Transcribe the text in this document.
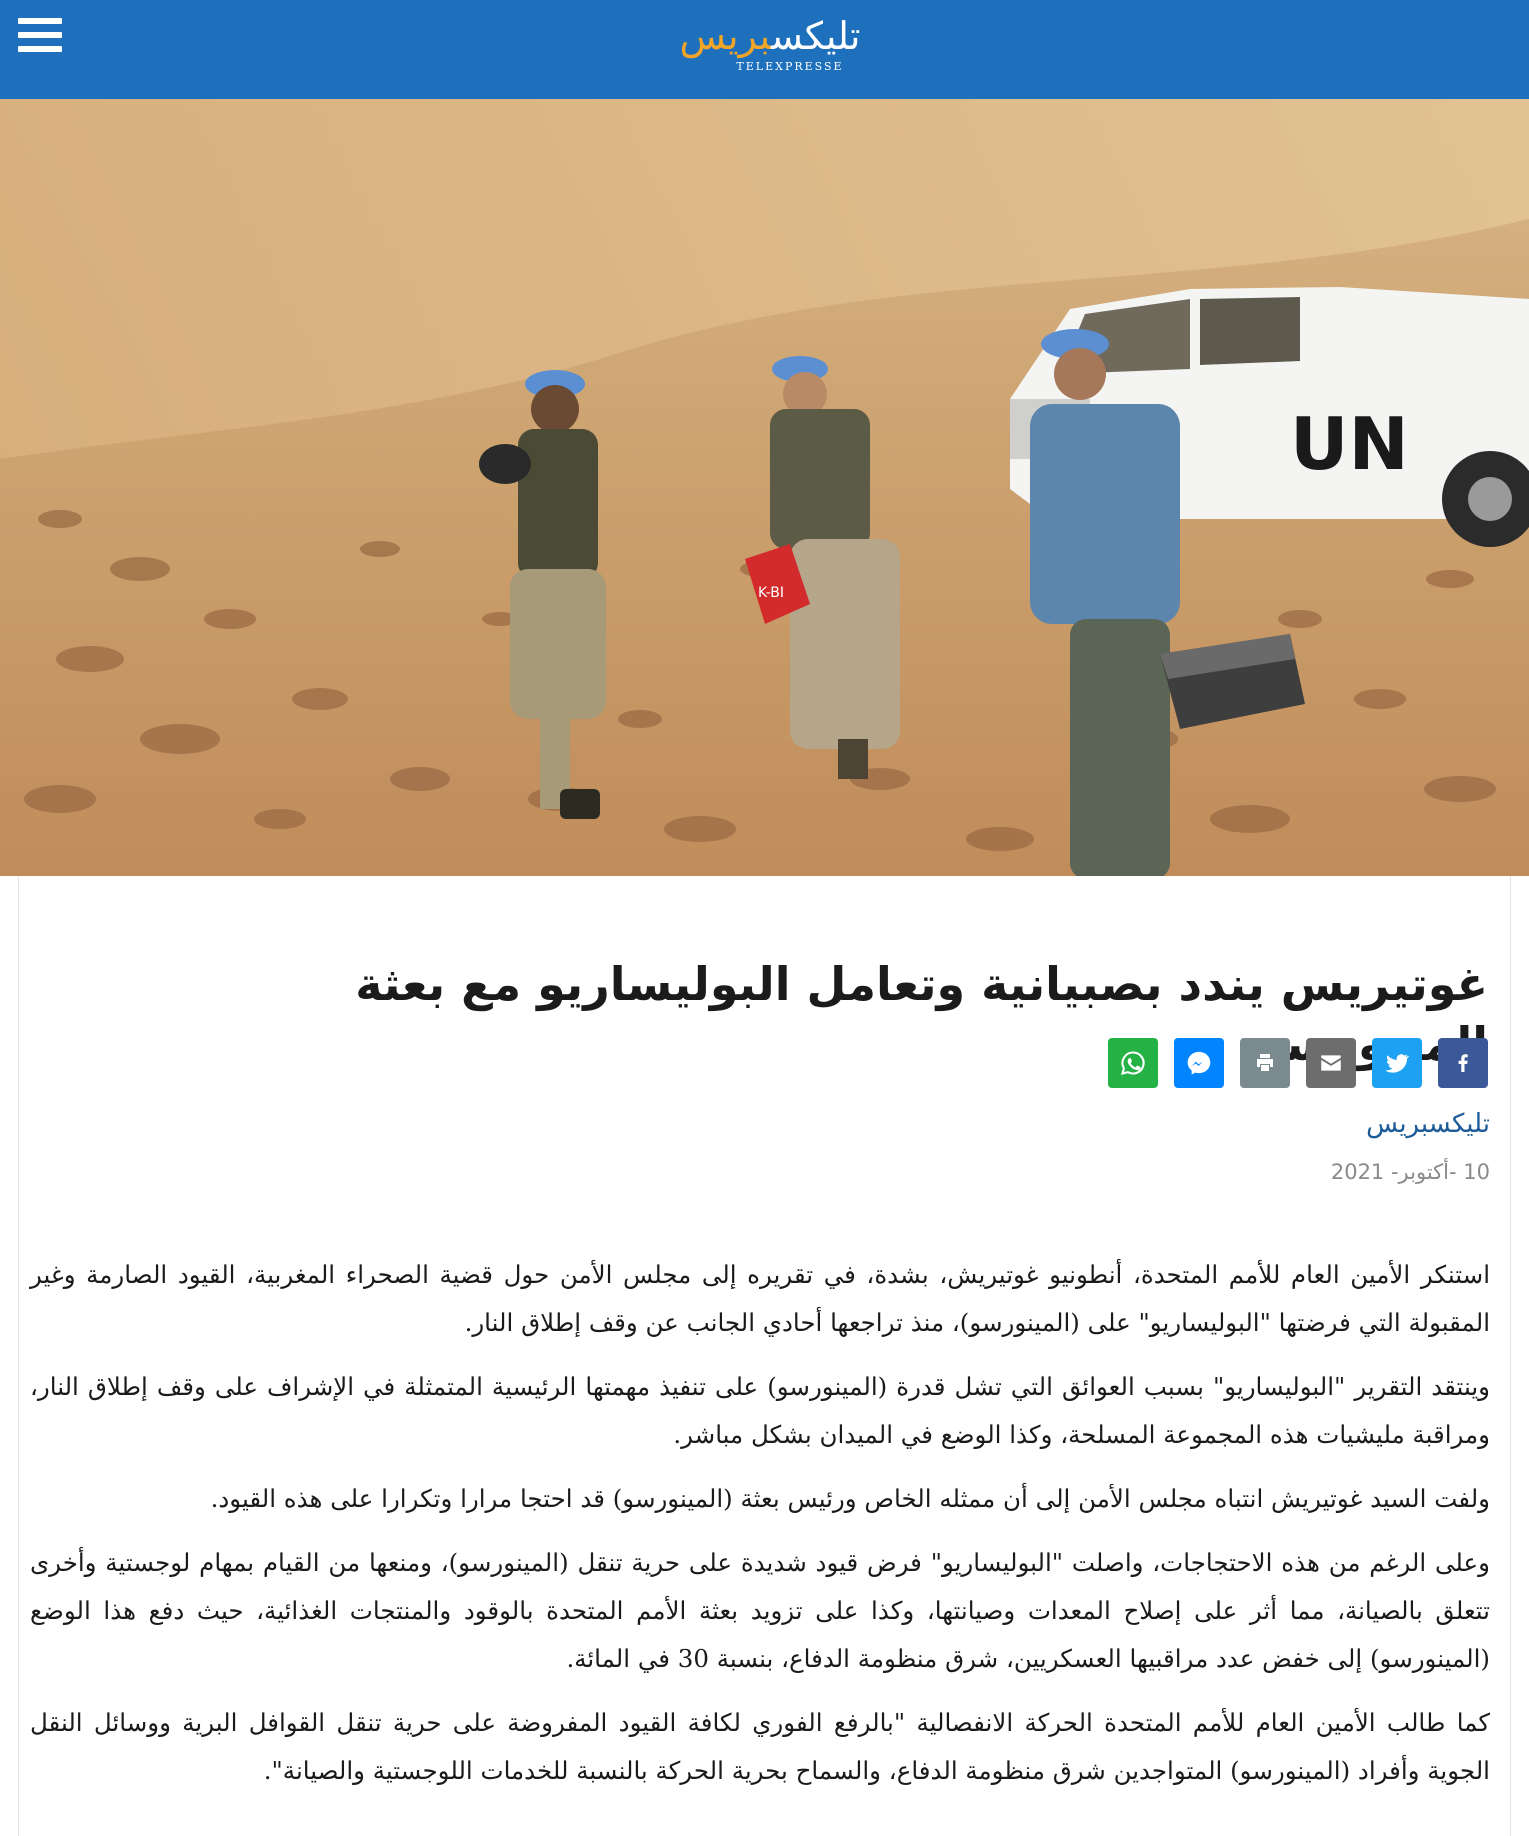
تليكسبريس
TELEXPRESSE
UN
K-BI
غوتيريس يندد بصبيانية وتعامل البوليساريو مع بعثة
تليكسبريس
10 -أكتوبر- 2021

استنكر الأمين العام للأمم المتحدة، أنطونيو غوتيريش، بشدة، في تقريره إلى مجلس الأمن حول قضية الصحراء المغربية، القيود الصارمة وغير المقبولة التي فرضتها "البوليساريو" على (المينورسو)، منذ تراجعها أحادي الجانب عن وقف إطلاق النار.

وينتقد التقرير "البوليساريو" بسبب العوائق التي تشل قدرة (المينورسو) على تنفيذ مهمتها الرئيسية المتمثلة في الإشراف على وقف إطلاق النار، ومراقبة مليشيات هذه المجموعة المسلحة، وكذا الوضع في الميدان بشكل مباشر.

ولفت السيد غوتيريش انتباه مجلس الأمن إلى أن ممثله الخاص ورئيس بعثة (المينورسو) قد احتجا مرارا وتكرارا على هذه القيود.

وعلى الرغم من هذه الاحتجاجات، واصلت "البوليساريو" فرض قيود شديدة على حرية تنقل (المينورسو)، ومنعها من القيام بمهام لوجستية وأخرى تتعلق بالصيانة، مما أثر على إصلاح المعدات وصيانتها، وكذا على تزويد بعثة الأمم المتحدة بالوقود والمنتجات الغذائية، حيث دفع هذا الوضع (المينورسو) إلى خفض عدد مراقبيها العسكريين، شرق منظومة الدفاع، بنسبة 30 في المائة.

كما طالب الأمين العام للأمم المتحدة الحركة الانفصالية "بالرفع الفوري لكافة القيود المفروضة على حرية تنقل القوافل البرية ووسائل النقل الجوية وأفراد (المينورسو) المتواجدين شرق منظومة الدفاع، والسماح بحرية الحركة بالنسبة للخدمات اللوجستية والصيانة".
